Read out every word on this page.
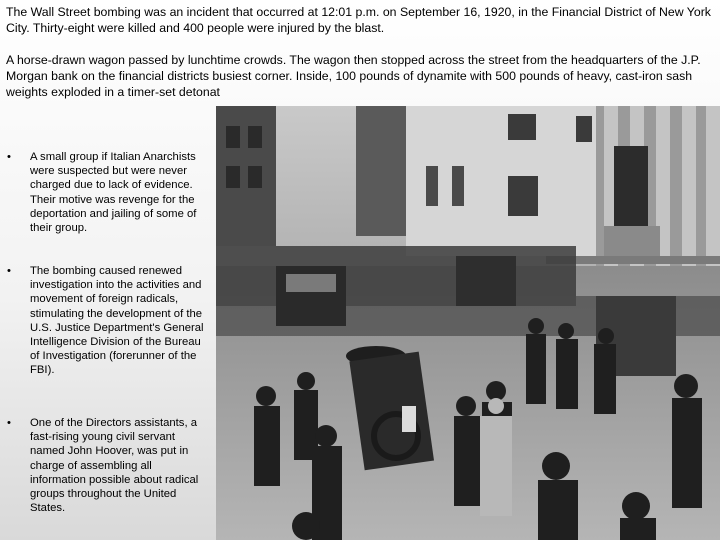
The Wall Street bombing was an incident that occurred at 12:01 p.m. on September 16, 1920, in the Financial District of New York City. Thirty-eight were killed and 400 people were injured by the blast.

A horse-drawn wagon passed by lunchtime crowds. The wagon then stopped across the street from the headquarters of the J.P. Morgan bank on the financial districts busiest corner. Inside, 100 pounds of dynamite with 500 pounds of heavy, cast-iron sash weights exploded in a timer-set detonat

•	A small group if Italian Anarchists were suspected but were never charged due to lack of evidence. Their motive was revenge for the deportation and jailing of some of their group.
•	The bombing caused renewed investigation into the activities and movement of foreign radicals, stimulating the development of the U.S. Justice Department's General Intelligence Division of the Bureau of Investigation (forerunner of the FBI).
•	One of the Directors assistants, a fast-rising young civil servant named John Hoover, was put in charge of assembling all information possible about radical groups throughout the United States.
